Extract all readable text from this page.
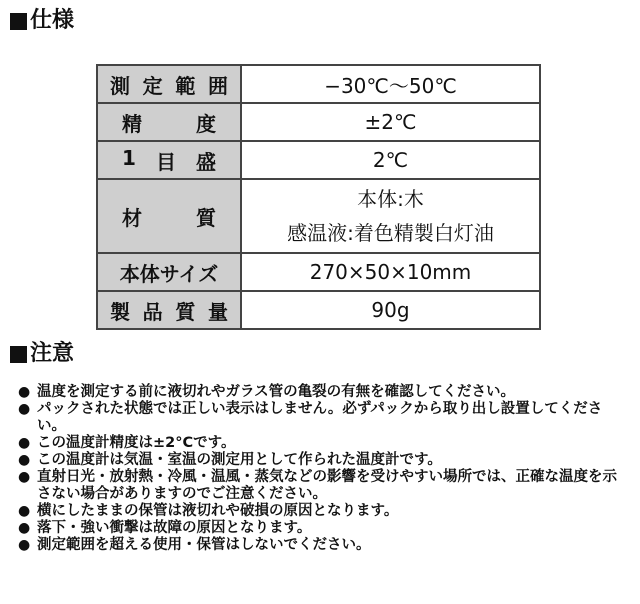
仕様
測 定 範 囲	−30℃～50℃

精 度	±2℃

1 目 盛	2℃

材 質	本体:木
感温液:着色精製白灯油

本体サイズ	270×50×10mm

製 品 質 量	90g
注意
● 温度を測定する前に液切れやガラス管の亀裂の有無を確認してください。
● パックされた状態では正しい表示はしません。必ずパックから取り出し設置してください。
● この温度計精度は±2°Cです。
● この温度計は気温・室温の測定用として作られた温度計です。
● 直射日光・放射熱・冷風・温風・蒸気などの影響を受けやすい場所では、正確な温度を示さない場合がありますのでご注意ください。
● 横にしたままの保管は液切れや破損の原因となります。
● 落下・強い衝撃は故障の原因となります。
● 測定範囲を超える使用・保管はしないでください。
